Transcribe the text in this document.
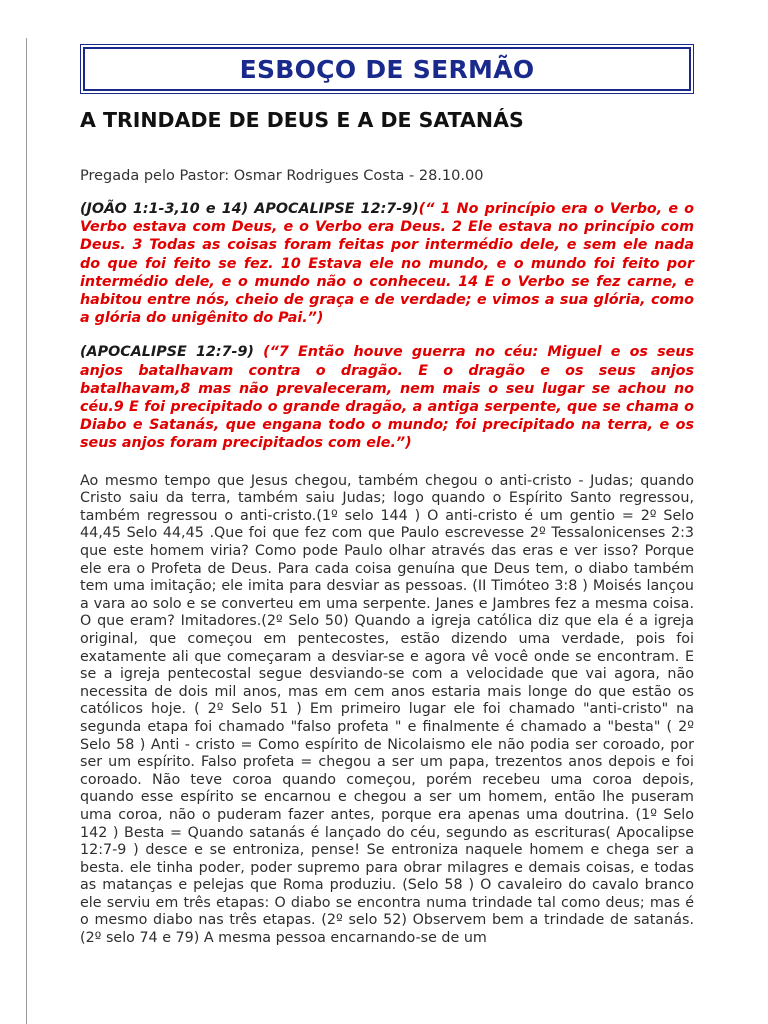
ESBOÇO DE SERMÃO
A TRINDADE DE DEUS E A DE SATANÁS

Pregada pelo Pastor: Osmar Rodrigues Costa - 28.10.00

(JOÃO 1:1-3,10 e 14) APOCALIPSE 12:7-9)(“ 1 No princípio era o Verbo, e o Verbo estava com Deus, e o Verbo era Deus. 2 Ele estava no princípio com Deus. 3 Todas as coisas foram feitas por intermédio dele, e sem ele nada do que foi feito se fez. 10 Estava ele no mundo, e o mundo foi feito por intermédio dele, e o mundo não o conheceu. 14 E o Verbo se fez carne, e habitou entre nós, cheio de graça e de verdade; e vimos a sua glória, como a glória do unigênito do Pai.”)

(APOCALIPSE 12:7-9) (“7 Então houve guerra no céu: Miguel e os seus anjos batalhavam contra o dragão. E o dragão e os seus anjos batalhavam,8 mas não prevaleceram, nem mais o seu lugar se achou no céu.9 E foi precipitado o grande dragão, a antiga serpente, que se chama o Diabo e Satanás, que engana todo o mundo; foi precipitado na terra, e os seus anjos foram precipitados com ele.”)

Ao mesmo tempo que Jesus chegou, também chegou o anti-cristo - Judas; quando Cristo saiu da terra, também saiu Judas; logo quando o Espírito Santo regressou, também regressou o anti-cristo.(1º selo 144 ) O anti-cristo é um gentio = 2º Selo 44,45 Selo 44,45 .Que foi que fez com que Paulo escrevesse 2º Tessalonicenses 2:3 que este homem viria? Como pode Paulo olhar através das eras e ver isso? Porque ele era o Profeta de Deus. Para cada coisa genuína que Deus tem, o diabo também tem uma imitação; ele imita para desviar as pessoas. (II Timóteo 3:8 ) Moisés lançou a vara ao solo e se converteu em uma serpente. Janes e Jambres fez a mesma coisa. O que eram? Imitadores.(2º Selo 50) Quando a igreja católica diz que ela é a igreja original, que começou em pentecostes, estão dizendo uma verdade, pois foi exatamente ali que começaram a desviar-se e agora vê você onde se encontram. E se a igreja pentecostal segue desviando-se com a velocidade que vai agora, não necessita de dois mil anos, mas em cem anos estaria mais longe do que estão os católicos hoje. ( 2º Selo 51 ) Em primeiro lugar ele foi chamado "anti-cristo" na segunda etapa foi chamado "falso profeta " e finalmente é chamado a "besta" ( 2º Selo 58 ) Anti - cristo = Como espírito de Nicolaismo ele não podia ser coroado, por ser um espírito. Falso profeta = chegou a ser um papa, trezentos anos depois e foi coroado. Não teve coroa quando começou, porém recebeu uma coroa depois, quando esse espírito se encarnou e chegou a ser um homem, então lhe puseram uma coroa, não o puderam fazer antes, porque era apenas uma doutrina. (1º Selo 142 ) Besta = Quando satanás é lançado do céu, segundo as escrituras( Apocalipse 12:7-9 ) desce e se entroniza, pense! Se entroniza naquele homem e chega ser a besta. ele tinha poder, poder supremo para obrar milagres e demais coisas, e todas as matanças e pelejas que Roma produziu. (Selo 58 ) O cavaleiro do cavalo branco ele serviu em três etapas: O diabo se encontra numa trindade tal como deus; mas é o mesmo diabo nas três etapas. (2º selo 52) Observem bem a trindade de satanás. (2º selo 74 e 79) A mesma pessoa encarnando-se de um
